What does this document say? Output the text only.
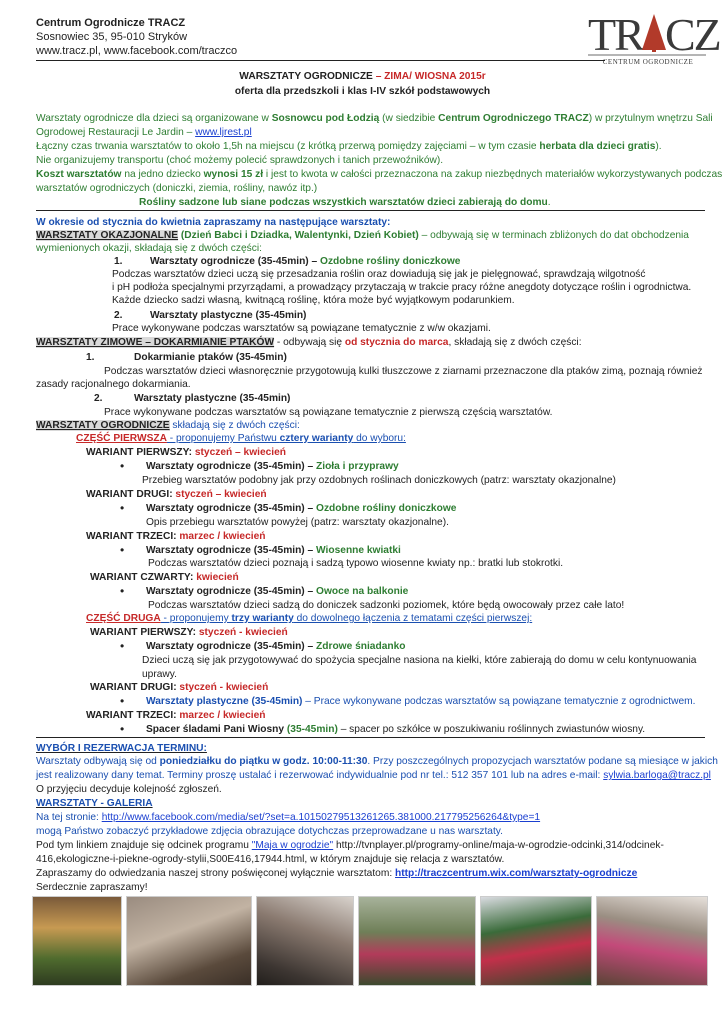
Centrum Ogrodnicze TRACZ
Sosnowiec 35, 95-010 Stryków
www.tracz.pl, www.facebook.com/traczco	TR CZ
CENTRUM OGRODNICZE
WARSZTATY OGRODNICZE – ZIMA/ WIOSNA 2015r
oferta dla przedszkoli i klas I-IV szkół podstawowych
Warsztaty ogrodnicze dla dzieci są organizowane w Sosnowcu pod Łodzią (w siedzibie Centrum Ogrodniczego TRACZ) w przytulnym wnętrzu Sali
Ogrodowej Restauracji Le Jardin – www.ljrest.pl
Łączny czas trwania warsztatów to około 1,5h na miejscu (z krótką przerwą pomiędzy zajęciami – w tym czasie herbata dla dzieci gratis).
Nie organizujemy transportu (choć możemy polecić sprawdzonych i tanich przewoźników).
Koszt warsztatów na jedno dziecko wynosi 15 zł i jest to kwota w całości przeznaczona na zakup niezbędnych materiałów wykorzystywanych podczas
warsztatów ogrodniczych (doniczki, ziemia, rośliny, nawóz itp.)
Rośliny sadzone lub siane podczas wszystkich warsztatów dzieci zabierają do domu.
W okresie od stycznia do kwietnia zapraszamy na następujące warsztaty:
WARSZTATY OKAZJONALNE (Dzień Babci i Dziadka, Walentynki, Dzień Kobiet) – odbywają się w terminach zbliżonych do dat obchodzenia
wymienionych okazji, składają się z dwóch części:
1.	Warsztaty ogrodnicze (35-45min) – Ozdobne rośliny doniczkowe
Podczas warsztatów dzieci uczą się przesadzania roślin oraz dowiadują się jak je pielęgnować, sprawdzają wilgotność
i pH podłoża specjalnymi przyrządami, a prowadzący przytaczają w trakcie pracy różne anegdoty dotyczące roślin i ogrodnictwa.
Każde dziecko sadzi własną, kwitnącą roślinę, która może być wyjątkowym podarunkiem.
2.	Warsztaty plastyczne (35-45min)
Prace wykonywane podczas warsztatów są powiązane tematycznie z w/w okazjami.
WARSZTATY ZIMOWE – DOKARMIANIE PTAKÓW - odbywają się od stycznia do marca, składają się z dwóch części:
1.	Dokarmianie ptaków (35-45min)
Podczas warsztatów dzieci własnoręcznie przygotowują kulki tłuszczowe z ziarnami przeznaczone dla ptaków zimą, poznają również
zasady racjonalnego dokarmiania.
2.	Warsztaty plastyczne (35-45min)
Prace wykonywane podczas warsztatów są powiązane tematycznie z pierwszą częścią warsztatów.
WARSZTATY OGRODNICZE składają się z dwóch części:
CZĘŚĆ PIERWSZA - proponujemy Państwu cztery warianty do wyboru:
WARIANT PIERWSZY: styczeń – kwiecień
• Warsztaty ogrodnicze (35-45min) – Zioła i przyprawy
Przebieg warsztatów podobny jak przy ozdobnych roślinach doniczkowych (patrz: warsztaty okazjonalne)
WARIANT DRUGI: styczeń – kwiecień
• Warsztaty ogrodnicze (35-45min) – Ozdobne rośliny doniczkowe
Opis przebiegu warsztatów powyżej (patrz: warsztaty okazjonalne).
WARIANT TRZECI: marzec / kwiecień
• Warsztaty ogrodnicze (35-45min) – Wiosenne kwiatki
Podczas warsztatów dzieci poznają i sadzą typowo wiosenne kwiaty np.: bratki lub stokrotki.
WARIANT CZWARTY: kwiecień
• Warsztaty ogrodnicze (35-45min) – Owoce na balkonie
Podczas warsztatów dzieci sadzą do doniczek sadzonki poziomek, które będą owocowały przez całe lato!
CZĘŚĆ DRUGA - proponujemy trzy warianty do dowolnego łączenia z tematami części pierwszej:
WARIANT PIERWSZY: styczeń - kwiecień
• Warsztaty ogrodnicze (35-45min) – Zdrowe śniadanko
Dzieci uczą się jak przygotowywać do spożycia specjalne nasiona na kiełki, które zabierają do domu w celu kontynuowania
uprawy.
WARIANT DRUGI: styczeń - kwiecień
• Warsztaty plastyczne (35-45min) – Prace wykonywane podczas warsztatów są powiązane tematycznie z ogrodnictwem.
WARIANT TRZECI: marzec / kwiecień
• Spacer śladami Pani Wiosny (35-45min) – spacer po szkółce w poszukiwaniu roślinnych zwiastunów wiosny.
WYBÓR I REZERWACJA TERMINU:
Warsztaty odbywają się od poniedziałku do piątku w godz. 10:00-11:30. Przy poszczególnych propozycjach warsztatów podane są miesiące w jakich
jest realizowany dany temat. Terminy proszę ustalać i rezerwować indywidualnie pod nr tel.: 512 357 101 lub na adres e-mail: sylwia.barloga@tracz.pl
O przyjęciu decyduje kolejność zgłoszeń.
WARSZTATY - GALERIA
Na tej stronie: http://www.facebook.com/media/set/?set=a.10150279513261265.381000.217795256264&type=1
mogą Państwo zobaczyć przykładowe zdjęcia obrazujące dotychczas przeprowadzane u nas warsztaty.
Pod tym linkiem znajduje się odcinek programu "Maja w ogrodzie" http://tvnplayer.pl/programy-online/maja-w-ogrodzie-odcinki,314/odcinek-
416,ekologiczne-i-piekne-ogrody-stylii,S00E416,17944.html, w którym znajduje się relacja z warsztatów.
Zapraszamy do odwiedzania naszej strony poświęconej wyłącznie warsztatom: http://traczcentrum.wix.com/warsztaty-ogrodnicze
Serdecznie zapraszamy!
